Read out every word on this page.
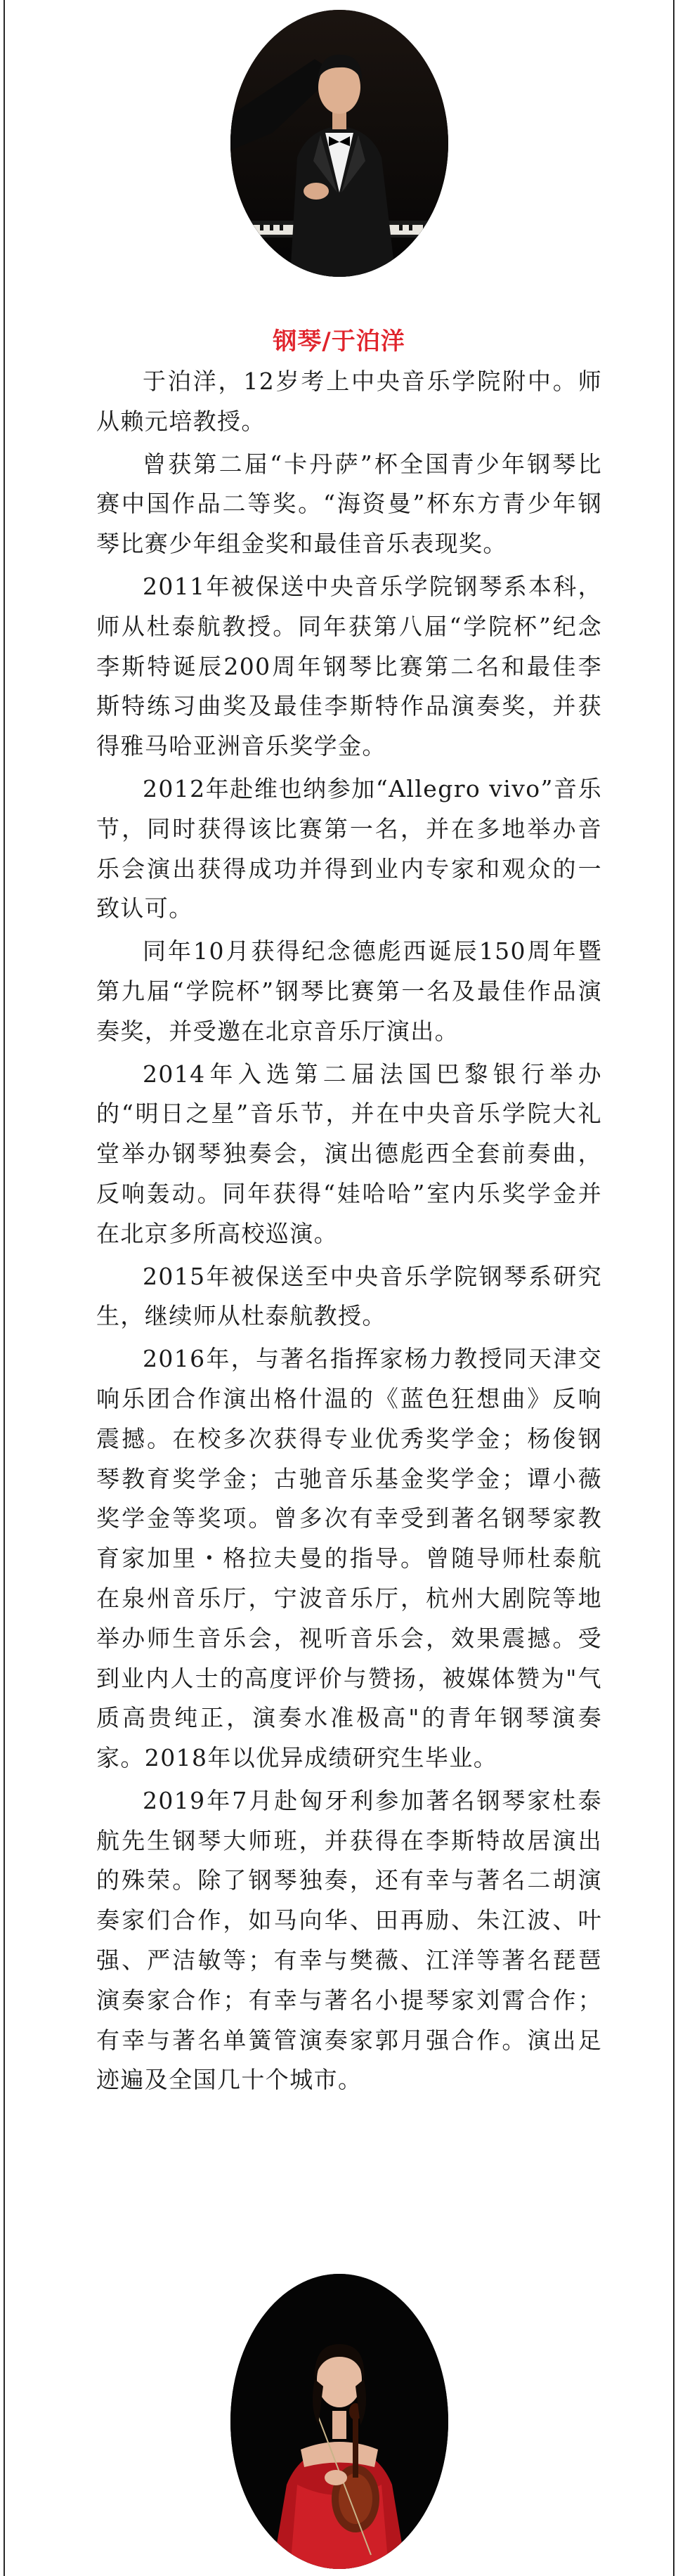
钢琴/于泊洋

于泊洋，12岁考上中央音乐学院附中。师从赖元培教授。

曾获第二届“卡丹萨”杯全国青少年钢琴比赛中国作品二等奖。“海资曼”杯东方青少年钢琴比赛少年组金奖和最佳音乐表现奖。

2011年被保送中央音乐学院钢琴系本科，师从杜泰航教授。同年获第八届“学院杯”纪念李斯特诞辰200周年钢琴比赛第二名和最佳李斯特练习曲奖及最佳李斯特作品演奏奖，并获得雅马哈亚洲音乐奖学金。

2012年赴维也纳参加“Allegro vivo”音乐节，同时获得该比赛第一名，并在多地举办音乐会演出获得成功并得到业内专家和观众的一致认可。

同年10月获得纪念德彪西诞辰150周年暨第九届“学院杯”钢琴比赛第一名及最佳作品演奏奖，并受邀在北京音乐厅演出。

2014年入选第二届法国巴黎银行举办的“明日之星”音乐节，并在中央音乐学院大礼堂举办钢琴独奏会，演出德彪西全套前奏曲，反响轰动。同年获得“娃哈哈”室内乐奖学金并在北京多所高校巡演。

2015年被保送至中央音乐学院钢琴系研究生，继续师从杜泰航教授。

2016年，与著名指挥家杨力教授同天津交响乐团合作演出格什温的《蓝色狂想曲》反响震撼。在校多次获得专业优秀奖学金；杨俊钢琴教育奖学金；古驰音乐基金奖学金；谭小薇奖学金等奖项。曾多次有幸受到著名钢琴家教育家加里・格拉夫曼的指导。曾随导师杜泰航在泉州音乐厅，宁波音乐厅，杭州大剧院等地举办师生音乐会，视听音乐会，效果震撼。受到业内人士的高度评价与赞扬，被媒体赞为"气质高贵纯正，演奏水准极高"的青年钢琴演奏家。2018年以优异成绩研究生毕业。

2019年7月赴匈牙利参加著名钢琴家杜泰航先生钢琴大师班，并获得在李斯特故居演出的殊荣。除了钢琴独奏，还有幸与著名二胡演奏家们合作，如马向华、田再励、朱江波、叶强、严洁敏等；有幸与樊薇、江洋等著名琵琶演奏家合作；有幸与著名小提琴家刘霄合作；有幸与著名单簧管演奏家郭月强合作。演出足迹遍及全国几十个城市。
